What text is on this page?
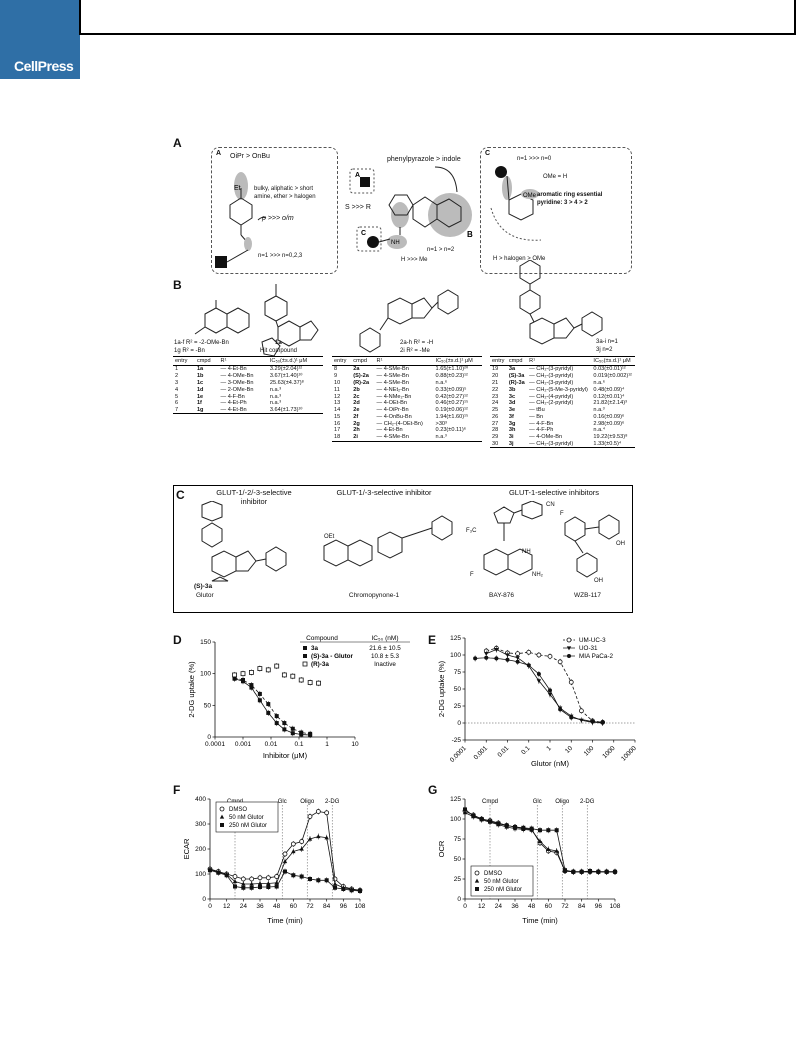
CellPress
A
A OiPr > OnBu
Et bulky, aliphatic > short
amine, ether > halogen
p >>> o/m
n=1 >>> n=0,2,3
phenylpyrazole > indole
A
B
C
NH
S >>> R
n=1 > n=2
H >>> Me
C
OMe
n=1 >>> n=0
OMe = H
aromatic ring essential
pyridine: 3 > 4 > 2
H > halogen > OMe
B
1a-f R² = -2-OMe-Bn
1g R² = -Bn
1a
Hit compound
entry	cmpd	R¹	IC₅₀(±s.d.)¹ μM
1	1a	— 4-Et-Bn	3.29(±2.04)¹²
2	1b	— 4-OMe-Bn	3.67(±1.40)¹⁰
3	1c	— 3-OMe-Bn	25.63(±4.37)⁸
4	1d	— 2-OMe-Bn	n.a.³
5	1e	— 4-F-Bn	n.a.³
6	1f	— 4-Et-Ph	n.a.³
7	1g	— 4-Et-Bn	3.64(±1.73)¹⁰
2a-h R² = -H
2i R² = -Me
entry	cmpd	R¹	IC₅₀(±s.d.)¹ μM
8	2a	— 4-SMe-Bn	1.65(±1.10)²⁰
9	(S)-2a	— 4-SMe-Bn	0.88(±0.23)¹²
10	(R)-2a	— 4-SMe-Bn	n.a.⁶
11	2b	— 4-NEt₂-Bn	0.33(±0.09)⁵
12	2c	— 4-NMe₂-Bn	0.42(±0.27)¹²
13	2d	— 4-OEt-Bn	0.46(±0.27)¹⁵
14	2e	— 4-OiPr-Bn	0.19(±0.06)¹²
15	2f	— 4-OnBu-Bn	1.94(±1.60)¹⁵
16	2g	— CH₂-(4-OEt-Bn)	>30³
17	2h	— 4-Et-Bn	0.23(±0.11)⁶
18	2i	— 4-SMe-Bn	n.a.³
3a-i n=1
3j n=2
entry	cmpd	R¹	IC₅₀(±s.d.)¹ μM
19	3a	— CH₂-(3-pyridyl)	0.03(±0.01)¹²
20	(S)-3a	— CH₂-(3-pyridyl)	0.019(±0.002)¹²
21	(R)-3a	— CH₂-(3-pyridyl)	n.a.⁶
22	3b	— CH₂-(5-Me-3-pyridyl)	0.48(±0.09)⁴
23	3c	— CH₂-(4-pyridyl)	0.12(±0.01)⁴
24	3d	— CH₂-(2-pyridyl)	21.82(±2.14)³
25	3e	— tBu	n.a.³
26	3f	— Bn	0.16(±0.09)⁶
27	3g	— 4-F-Bn	2.98(±0.09)⁶
28	3h	— 4-F-Ph	n.a.⁴
29	3i	— 4-OMe-Bn	19.22(±9.53)⁸
30	3j	— CH₂-(3-pyridyl)	1.33(±0.5)⁴
C	GLUT-1/-2/-3-selective inhibitor
GLUT-1/-3-selective inhibitor	GLUT-1-selective inhibitors
(S)-3a
Glutor
OEt
Chromopynone-1
F₃C
NH
CN
F	NH₂
BAY-876
F
OH
OH
WZB-117
D	E
F	G
0.0001 0.001 0.01	0.1	1	10
0
50
100
150
Inhibitor (μM)
2-DG uptake (%)
Compound	IC₅₀ (nM)
3a	21.6 ± 10.5
(S)-3a - Glutor	10.8 ± 5.3
(R)-3a	Inactive
0.0001 0.001 0.01 0.1 1 10 100 1000 10000
-25
0
25
50
75
100
125
Glutor (nM)
2-DG uptake (%)
UM-UC-3
UO-31
MIA PaCa-2
0 12 24 36 48 60 72 84 96 108
0
100
200
300
400
Time (min)
ECAR
Glc Oligo 2-DG
DMSO
50 nM Glutor
250 nM Glutor
0 12 24 36 48 60 72 84 96 108
0
25
50
75
100
125
Time (min)
OCR
Cmpd	Glc Oligo 2-DG
DMSO
50 nM Glutor
250 nM Glutor
